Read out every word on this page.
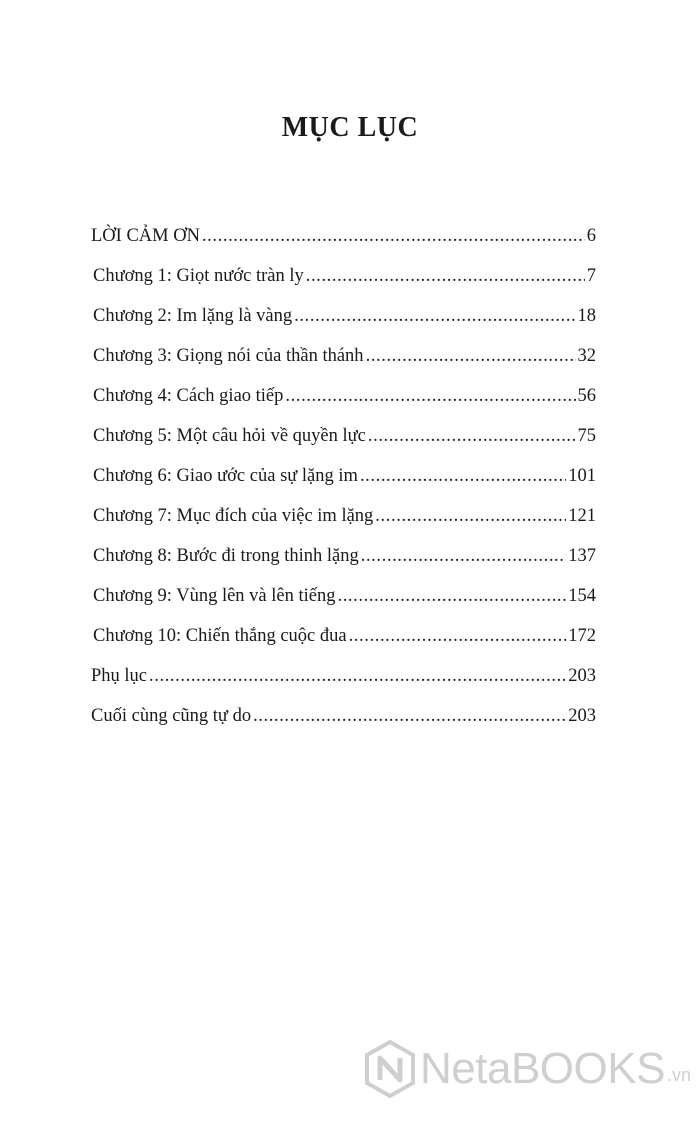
MỤC LỤC
LỜI CẢM ƠN .....	6
Chương 1: Giọt nước tràn ly .....	7
Chương 2: Im lặng là vàng .....	18
Chương 3: Giọng nói của thần thánh .....	32
Chương 4: Cách giao tiếp .....	56
Chương 5: Một câu hỏi về quyền lực .....	75
Chương 6: Giao ước của sự lặng im .....	101
Chương 7: Mục đích của việc im lặng .....	121
Chương 8: Bước đi trong thinh lặng .....	137
Chương 9: Vùng lên và lên tiếng .....	154
Chương 10: Chiến thắng cuộc đua .....	172
Phụ lục .....	203
Cuối cùng cũng tự do .....	203
NetaBOOKS .vn
